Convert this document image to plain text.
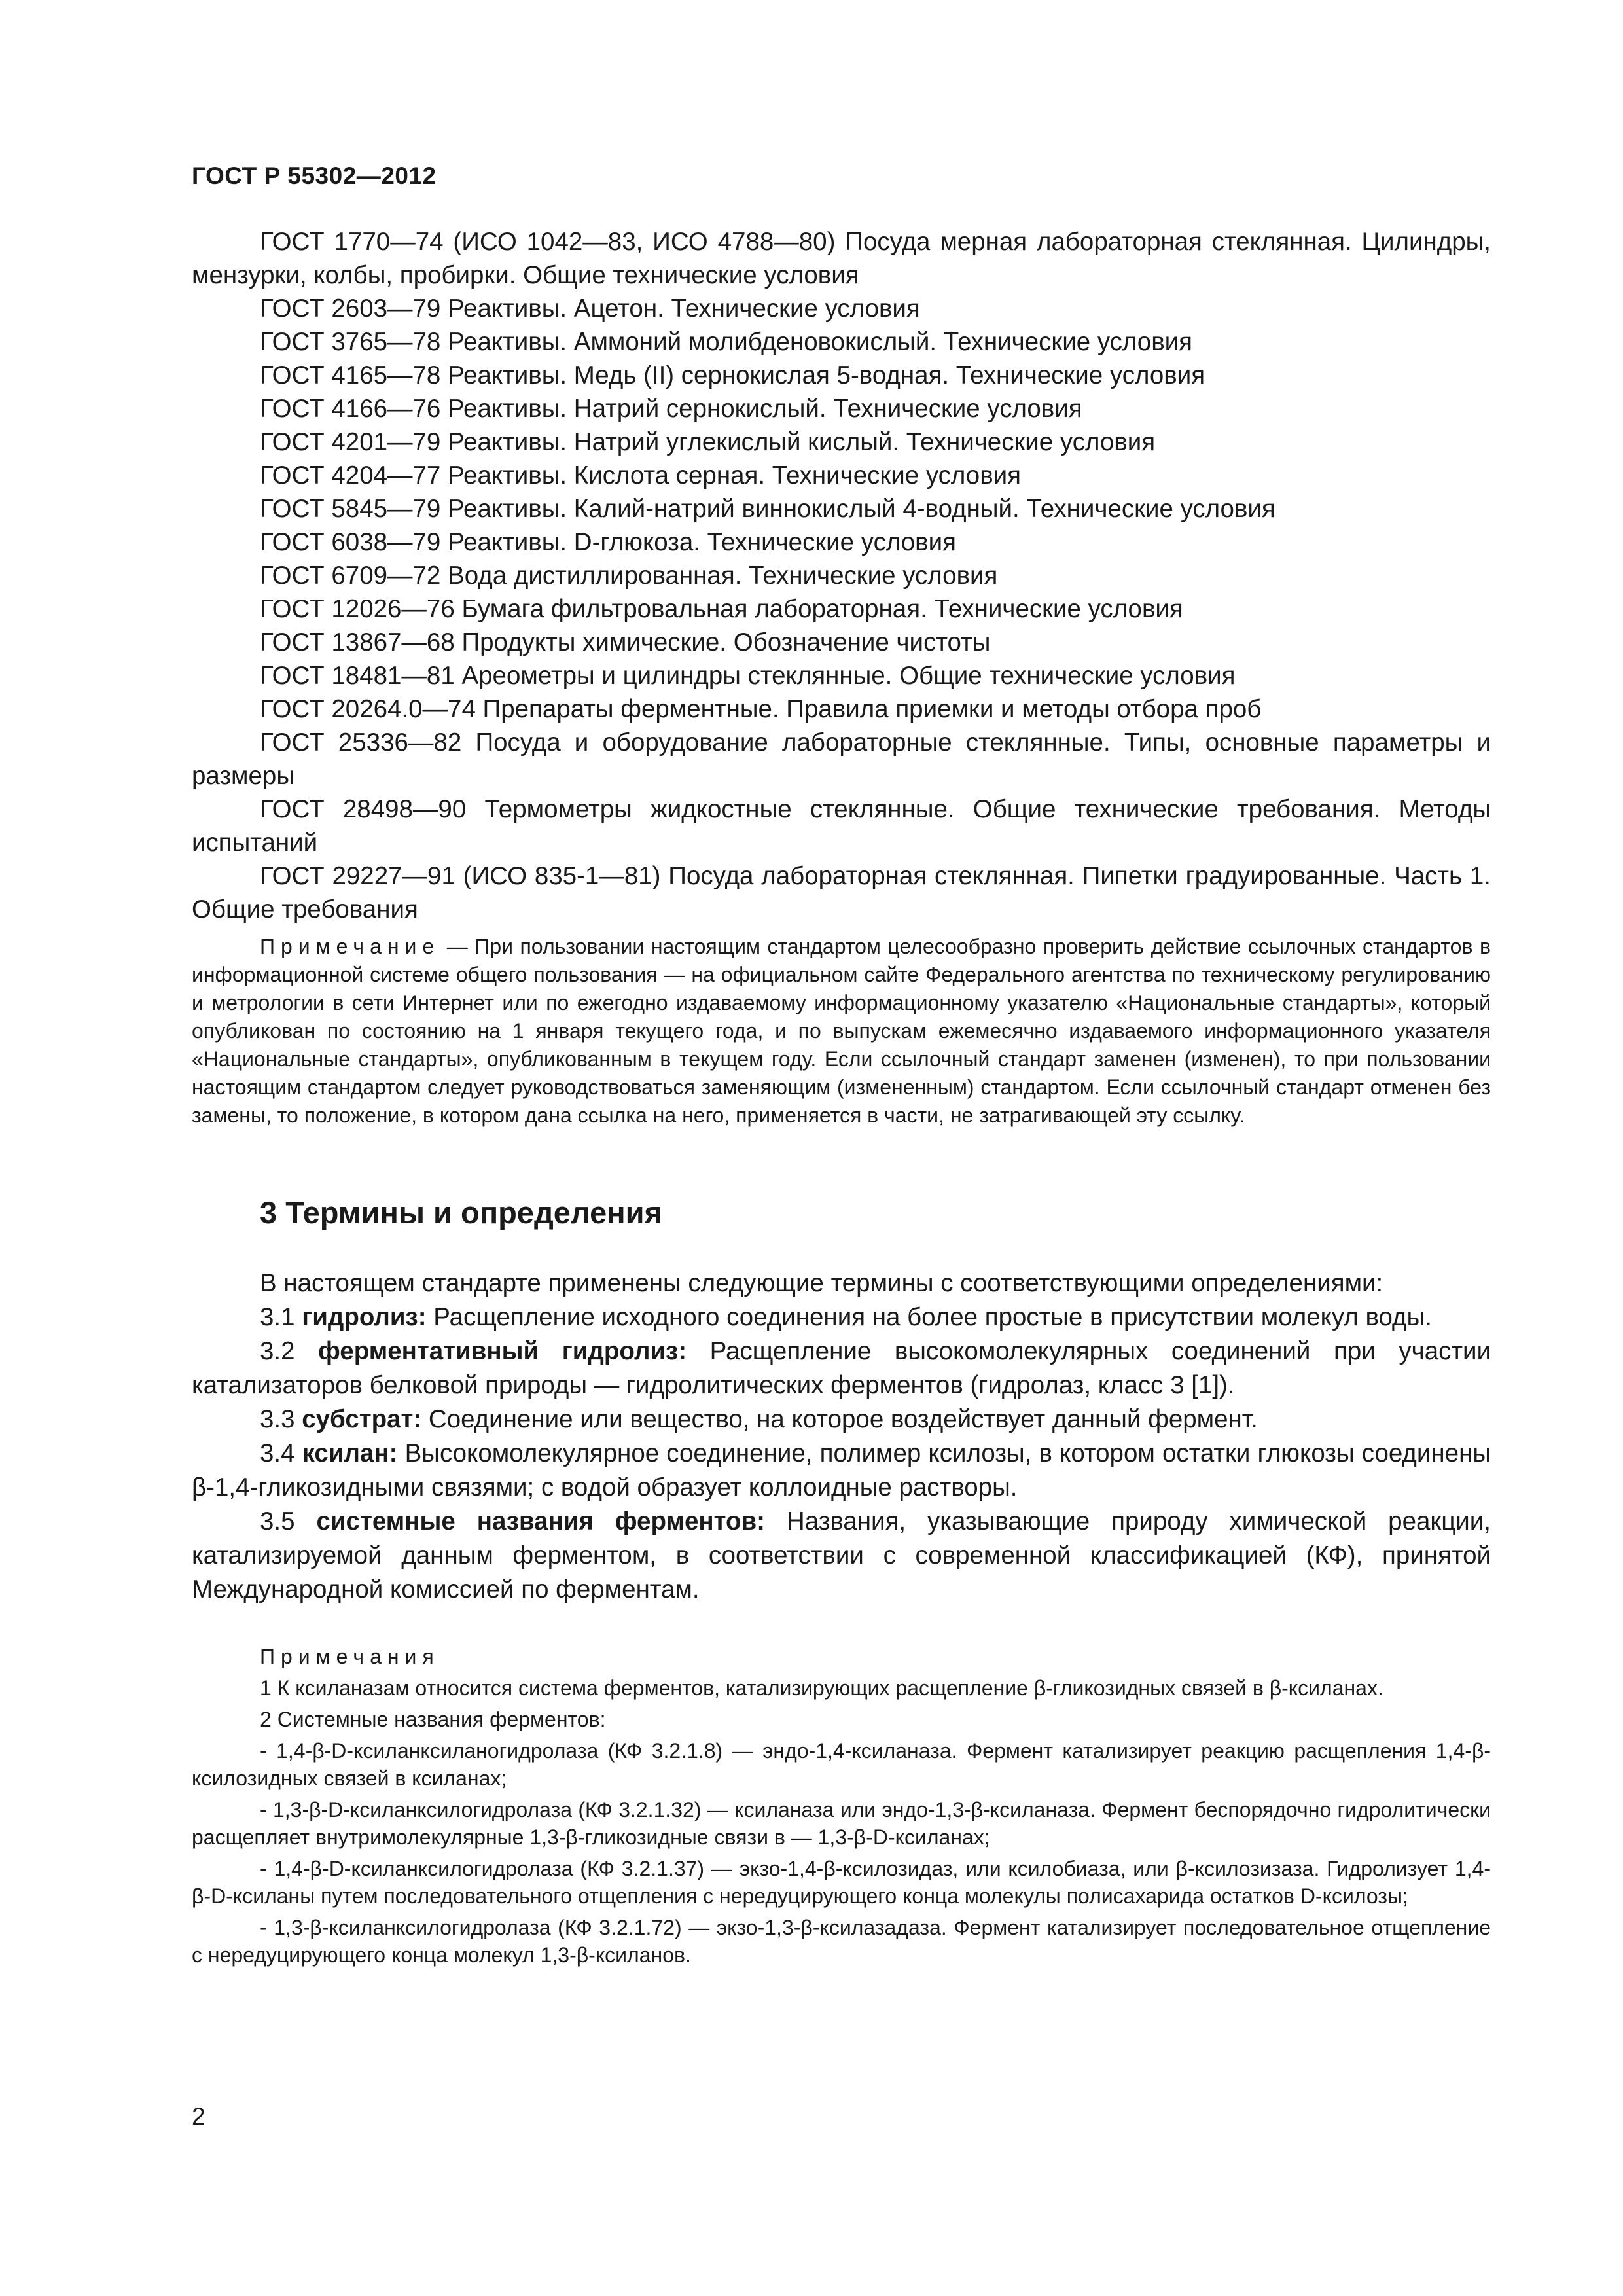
ГОСТ Р 55302—2012

ГОСТ 1770—74 (ИСО 1042—83, ИСО 4788—80) Посуда мерная лабораторная стеклянная. Цилиндры, мензурки, колбы, пробирки. Общие технические условия

ГОСТ 2603—79 Реактивы. Ацетон. Технические условия

ГОСТ 3765—78 Реактивы. Аммоний молибденовокислый. Технические условия

ГОСТ 4165—78 Реактивы. Медь (II) сернокислая 5-водная. Технические условия

ГОСТ 4166—76 Реактивы. Натрий сернокислый. Технические условия

ГОСТ 4201—79 Реактивы. Натрий углекислый кислый. Технические условия

ГОСТ 4204—77 Реактивы. Кислота серная. Технические условия

ГОСТ 5845—79 Реактивы. Калий-натрий виннокислый 4-водный. Технические условия

ГОСТ 6038—79 Реактивы. D-глюкоза. Технические условия

ГОСТ 6709—72 Вода дистиллированная. Технические условия

ГОСТ 12026—76 Бумага фильтровальная лабораторная. Технические условия

ГОСТ 13867—68 Продукты химические. Обозначение чистоты

ГОСТ 18481—81 Ареометры и цилиндры стеклянные. Общие технические условия

ГОСТ 20264.0—74 Препараты ферментные. Правила приемки и методы отбора проб

ГОСТ 25336—82 Посуда и оборудование лабораторные стеклянные. Типы, основные параметры и размеры

ГОСТ 28498—90 Термометры жидкостные стеклянные. Общие технические требования. Методы испытаний

ГОСТ 29227—91 (ИСО 835-1—81) Посуда лабораторная стеклянная. Пипетки градуированные. Часть 1. Общие требования

Примечание — При пользовании настоящим стандартом целесообразно проверить действие ссылочных стандартов в информационной системе общего пользования — на официальном сайте Федерального агентства по техническому регулированию и метрологии в сети Интернет или по ежегодно издаваемому информационному указателю «Национальные стандарты», который опубликован по состоянию на 1 января текущего года, и по выпускам ежемесячно издаваемого информационного указателя «Национальные стандарты», опубликованным в текущем году. Если ссылочный стандарт заменен (изменен), то при пользовании настоящим стандартом следует руководствоваться заменяющим (измененным) стандартом. Если ссылочный стандарт отменен без замены, то положение, в котором дана ссылка на него, применяется в части, не затрагивающей эту ссылку.

3 Термины и определения

В настоящем стандарте применены следующие термины с соответствующими определениями:

3.1 гидролиз: Расщепление исходного соединения на более простые в присутствии молекул воды.

3.2 ферментативный гидролиз: Расщепление высокомолекулярных соединений при участии катализаторов белковой природы — гидролитических ферментов (гидролаз, класс 3 [1]).

3.3 субстрат: Соединение или вещество, на которое воздействует данный фермент.

3.4 ксилан: Высокомолекулярное соединение, полимер ксилозы, в котором остатки глюкозы соединены β-1,4-гликозидными связями; с водой образует коллоидные растворы.

3.5 системные названия ферментов: Названия, указывающие природу химической реакции, катализируемой данным ферментом, в соответствии с современной классификацией (КФ), принятой Международной комиссией по ферментам.

Примечания

1 К ксиланазам относится система ферментов, катализирующих расщепление β-гликозидных связей в β-ксиланах.

2 Системные названия ферментов:

- 1,4-β-D-ксиланксиланогидролаза (КФ 3.2.1.8) — эндо-1,4-ксиланаза. Фермент катализирует реакцию расщепления 1,4-β-ксилозидных связей в ксиланах;

- 1,3-β-D-ксиланксилогидролаза (КФ 3.2.1.32) — ксиланаза или эндо-1,3-β-ксиланаза. Фермент беспорядочно гидролитически расщепляет внутримолекулярные 1,3-β-гликозидные связи в — 1,3-β-D-ксиланах;

- 1,4-β-D-ксиланксилогидролаза (КФ 3.2.1.37) — экзо-1,4-β-ксилозидаз, или ксилобиаза, или β-ксилозизаза. Гидролизует 1,4-β-D-ксиланы путем последовательного отщепления с нередуцирующего конца молекулы полисахарида остатков D-ксилозы;

- 1,3-β-ксиланксилогидролаза (КФ 3.2.1.72) — экзо-1,3-β-ксилазадаза. Фермент катализирует последовательное отщепление с нередуцирующего конца молекул 1,3-β-ксиланов.

2
